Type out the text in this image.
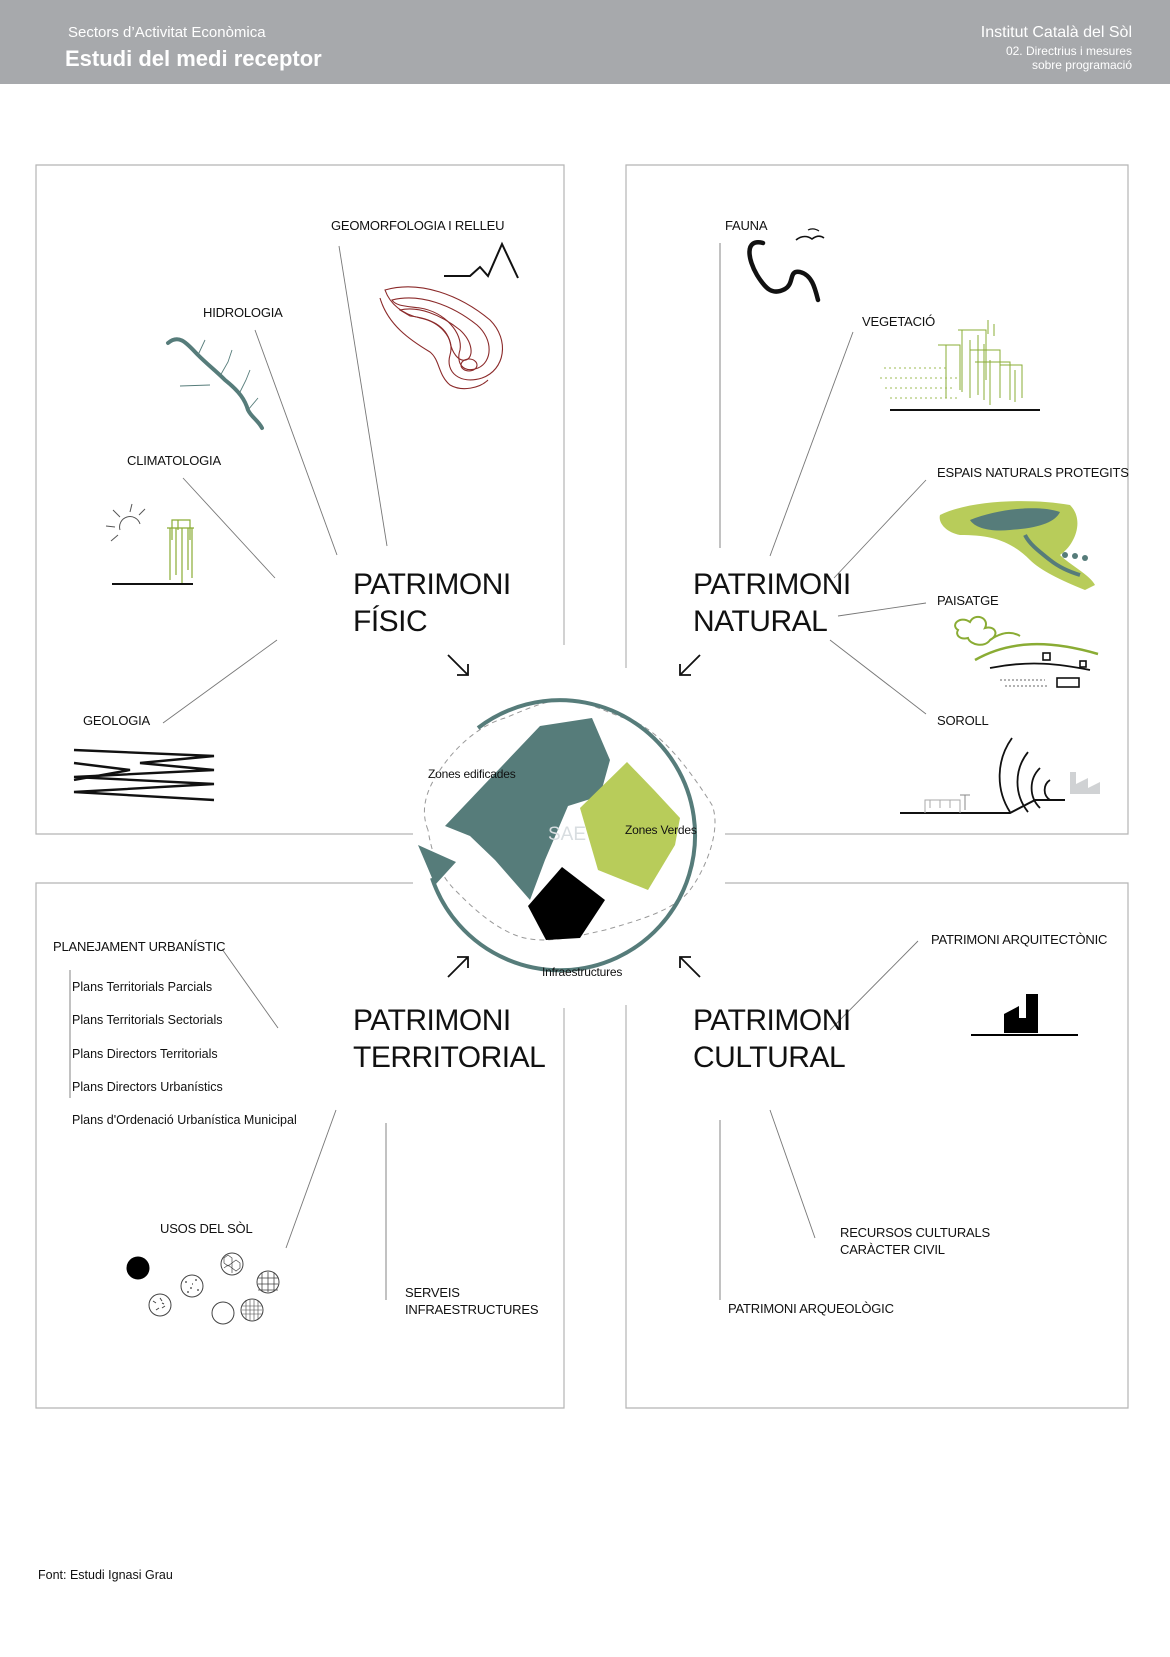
Sectors d’Activitat Econòmica
Estudi del medi receptor
Institut Català del Sòl
02. Directrius i mesures
sobre programació
PATRIMONI
FÍSIC
GEOMORFOLOGIA I RELLEU
HIDROLOGIA
CLIMATOLOGIA
GEOLOGIA
PATRIMONI
NATURAL
FAUNA
VEGETACIÓ
ESPAIS NATURALS PROTEGITS
PAISATGE
SOROLL
PATRIMONI
TERRITORIAL
PLANEJAMENT URBANÍSTIC
Plans Territorials Parcials
Plans Territorials Sectorials
Plans Directors Territorials
Plans Directors Urbanístics
Plans d'Ordenació Urbanística Municipal
USOS DEL SÒL
SERVEIS
INFRAESTRUCTURES
PATRIMONI
CULTURAL
PATRIMONI ARQUITECTÒNIC
RECURSOS CULTURALS
CARÀCTER CIVIL
PATRIMONI ARQUEOLÒGIC
SAE
Zones edificades
Zones Verdes
Infraestructures
Font: Estudi Ignasi Grau
